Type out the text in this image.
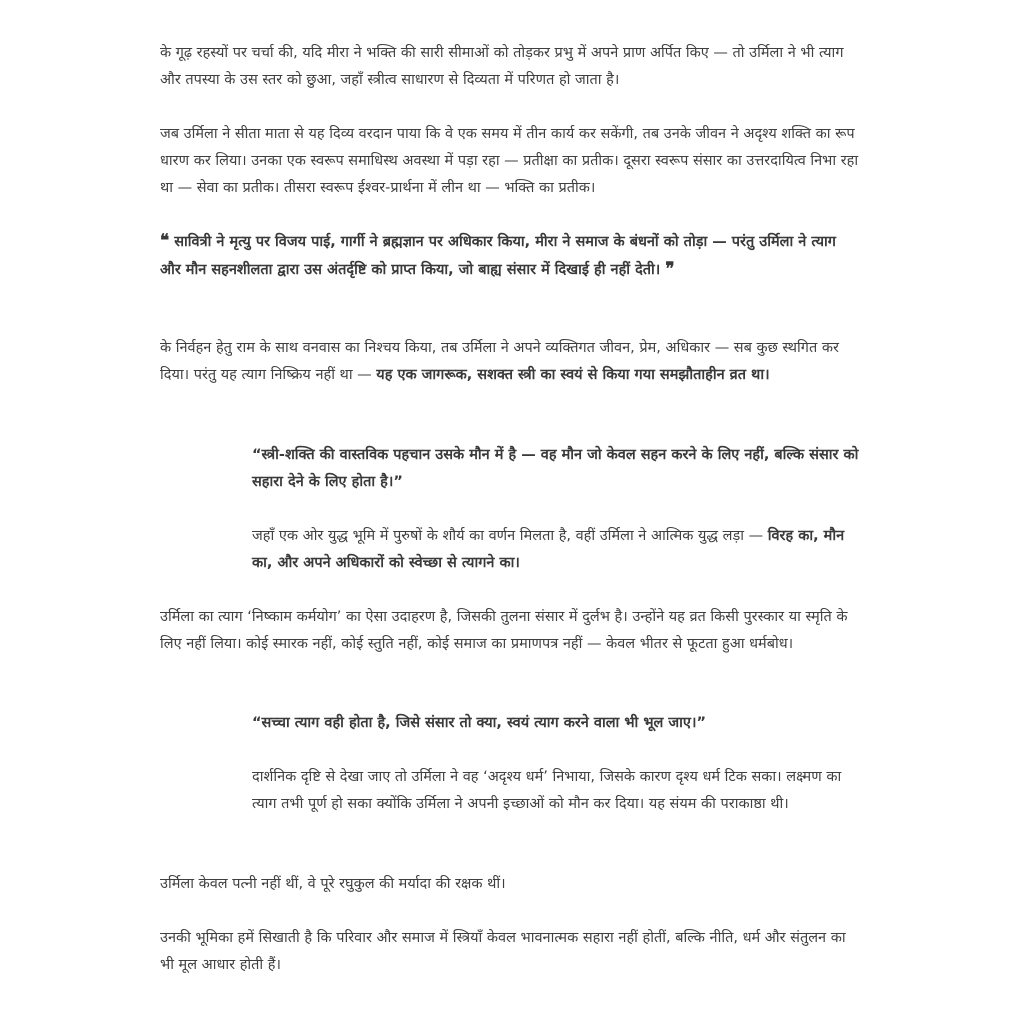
के गूढ़ रहस्यों पर चर्चा की, यदि मीरा ने भक्ति की सारी सीमाओं को तोड़कर प्रभु में अपने प्राण अर्पित किए — तो उर्मिला ने भी त्याग और तपस्या के उस स्तर को छुआ, जहाँ स्त्रीत्व साधारण से दिव्यता में परिणत हो जाता है।

जब उर्मिला ने सीता माता से यह दिव्य वरदान पाया कि वे एक समय में तीन कार्य कर सकेंगी, तब उनके जीवन ने अदृश्य शक्ति का रूप धारण कर लिया। उनका एक स्वरूप समाधिस्थ अवस्था में पड़ा रहा — प्रतीक्षा का प्रतीक। दूसरा स्वरूप संसार का उत्तरदायित्व निभा रहा था — सेवा का प्रतीक। तीसरा स्वरूप ईश्वर-प्रार्थना में लीन था — भक्ति का प्रतीक।

❝ सावित्री ने मृत्यु पर विजय पाई, गार्गी ने ब्रह्मज्ञान पर अधिकार किया, मीरा ने समाज के बंधनों को तोड़ा — परंतु उर्मिला ने त्याग और मौन सहनशीलता द्वारा उस अंतर्दृष्टि को प्राप्त किया, जो बाह्य संसार में दिखाई ही नहीं देती। ❞

के निर्वहन हेतु राम के साथ वनवास का निश्चय किया, तब उर्मिला ने अपने व्यक्तिगत जीवन, प्रेम, अधिकार — सब कुछ स्थगित कर दिया। परंतु यह त्याग निष्क्रिय नहीं था — यह एक जागरूक, सशक्त स्त्री का स्वयं से किया गया समझौताहीन व्रत था।

“स्त्री-शक्ति की वास्तविक पहचान उसके मौन में है — वह मौन जो केवल सहन करने के लिए नहीं, बल्कि संसार को सहारा देने के लिए होता है।”

जहाँ एक ओर युद्ध भूमि में पुरुषों के शौर्य का वर्णन मिलता है, वहीं उर्मिला ने आत्मिक युद्ध लड़ा — विरह का, मौन का, और अपने अधिकारों को स्वेच्छा से त्यागने का।

उर्मिला का त्याग ‘निष्काम कर्मयोग’ का ऐसा उदाहरण है, जिसकी तुलना संसार में दुर्लभ है। उन्होंने यह व्रत किसी पुरस्कार या स्मृति के लिए नहीं लिया। कोई स्मारक नहीं, कोई स्तुति नहीं, कोई समाज का प्रमाणपत्र नहीं — केवल भीतर से फूटता हुआ धर्मबोध।

“सच्चा त्याग वही होता है, जिसे संसार तो क्या, स्वयं त्याग करने वाला भी भूल जाए।”

दार्शनिक दृष्टि से देखा जाए तो उर्मिला ने वह ‘अदृश्य धर्म’ निभाया, जिसके कारण दृश्य धर्म टिक सका। लक्ष्मण का त्याग तभी पूर्ण हो सका क्योंकि उर्मिला ने अपनी इच्छाओं को मौन कर दिया। यह संयम की पराकाष्ठा थी।

उर्मिला केवल पत्नी नहीं थीं, वे पूरे रघुकुल की मर्यादा की रक्षक थीं।

उनकी भूमिका हमें सिखाती है कि परिवार और समाज में स्त्रियाँ केवल भावनात्मक सहारा नहीं होतीं, बल्कि नीति, धर्म और संतुलन का भी मूल आधार होती हैं।
